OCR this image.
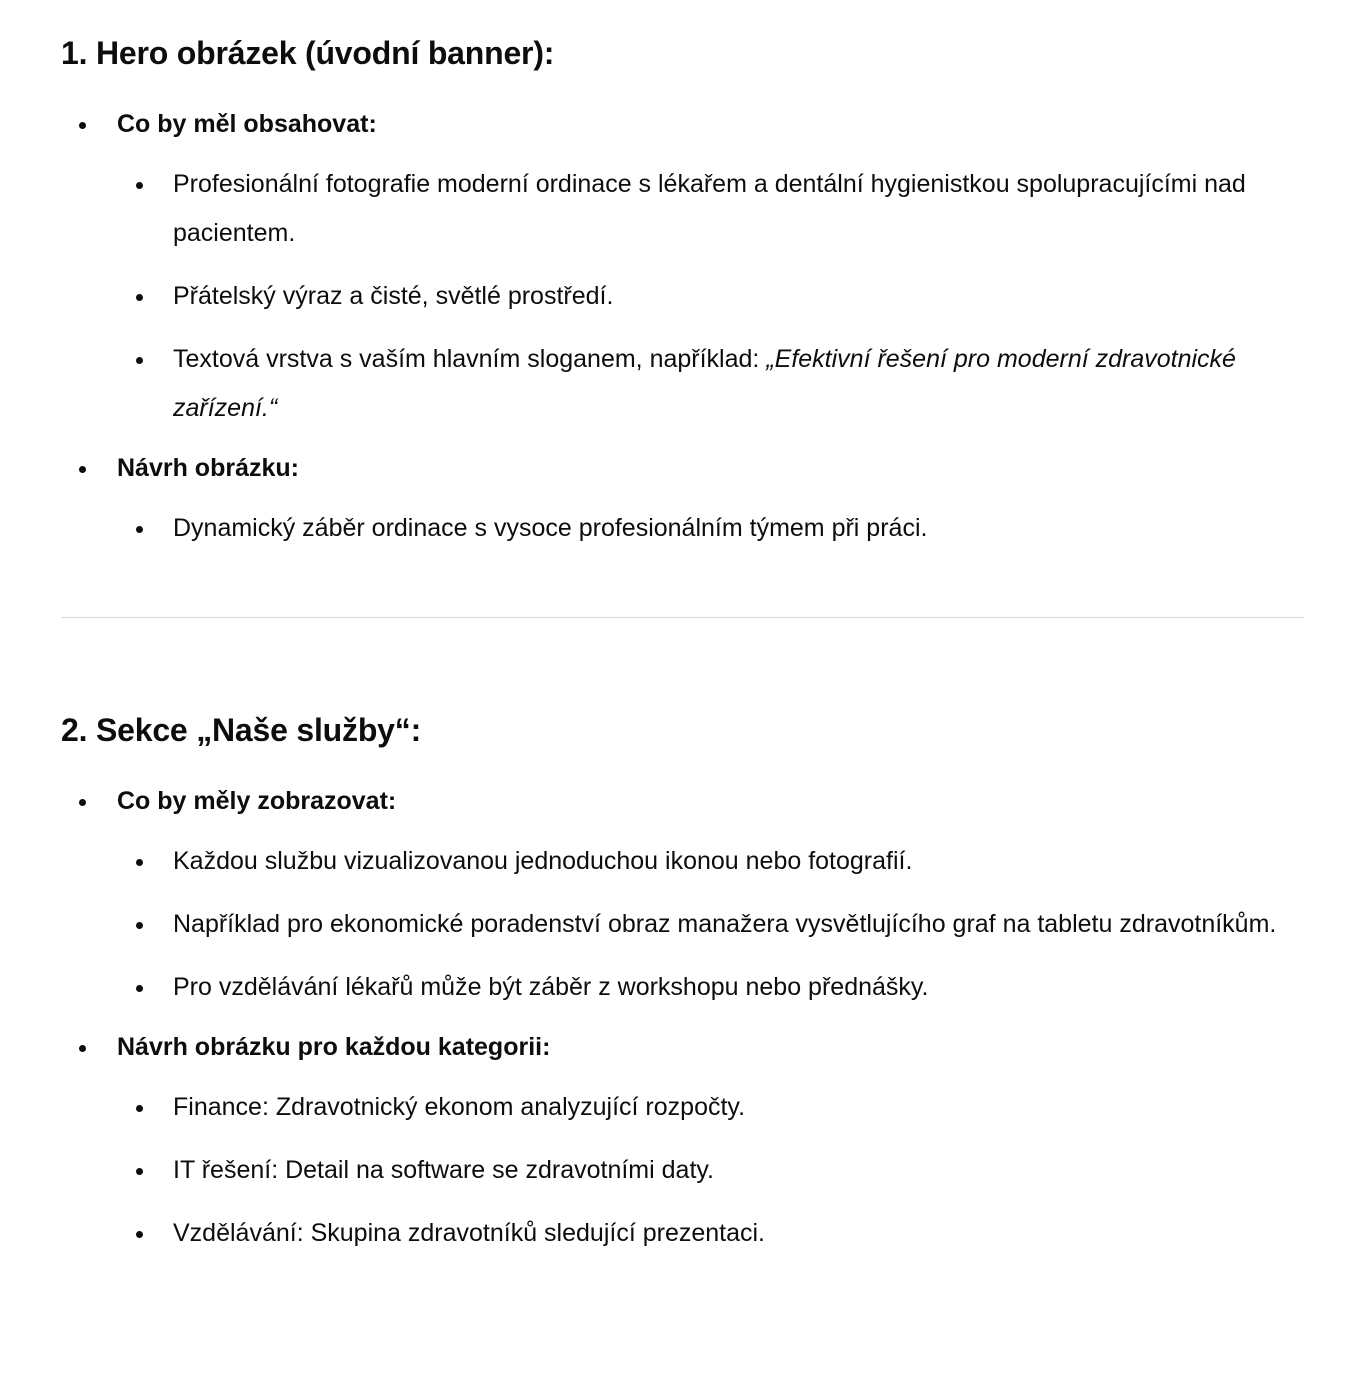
1. Hero obrázek (úvodní banner):
Co by měl obsahovat:
Profesionální fotografie moderní ordinace s lékařem a dentální hygienistkou spolupracujícími nad pacientem.
Přátelský výraz a čisté, světlé prostředí.
Textová vrstva s vaším hlavním sloganem, například: „Efektivní řešení pro moderní zdravotnické zařízení.“
Návrh obrázku:
Dynamický záběr ordinace s vysoce profesionálním týmem při práci.
2. Sekce „Naše služby“:
Co by měly zobrazovat:
Každou službu vizualizovanou jednoduchou ikonou nebo fotografií.
Například pro ekonomické poradenství obraz manažera vysvětlujícího graf na tabletu zdravotníkům.
Pro vzdělávání lékařů může být záběr z workshopu nebo přednášky.
Návrh obrázku pro každou kategorii:
Finance: Zdravotnický ekonom analyzující rozpočty.
IT řešení: Detail na software se zdravotními daty.
Vzdělávání: Skupina zdravotníků sledující prezentaci.
